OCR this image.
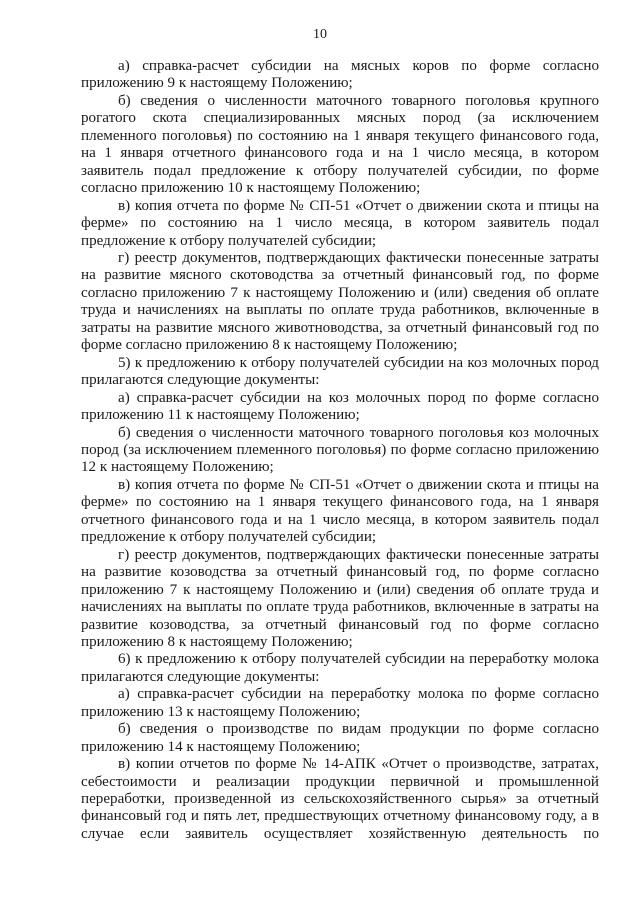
10

а) справка-расчет субсидии на мясных коров по форме согласно приложению 9 к настоящему Положению;

б) сведения о численности маточного товарного поголовья крупного рогатого скота специализированных мясных пород (за исключением племенного поголовья) по состоянию на 1 января текущего финансового года, на 1 января отчетного финансового года и на 1 число месяца, в котором заявитель подал предложение к отбору получателей субсидии, по форме согласно приложению 10 к настоящему Положению;

в) копия отчета по форме № СП-51 «Отчет о движении скота и птицы на ферме» по состоянию на 1 число месяца, в котором заявитель подал предложение к отбору получателей субсидии;

г) реестр документов, подтверждающих фактически понесенные затраты на развитие мясного скотоводства за отчетный финансовый год, по форме согласно приложению 7 к настоящему Положению и (или) сведения об оплате труда и начислениях на выплаты по оплате труда работников, включенные в затраты на развитие мясного животноводства, за отчетный финансовый год по форме согласно приложению 8 к настоящему Положению;

5) к предложению к отбору получателей субсидии на коз молочных пород прилагаются следующие документы:

а) справка-расчет субсидии на коз молочных пород по форме согласно приложению 11 к настоящему Положению;

б) сведения о численности маточного товарного поголовья коз молочных пород (за исключением племенного поголовья) по форме согласно приложению 12 к настоящему Положению;

в) копия отчета по форме № СП-51 «Отчет о движении скота и птицы на ферме» по состоянию на 1 января текущего финансового года, на 1 января отчетного финансового года и на 1 число месяца, в котором заявитель подал предложение к отбору получателей субсидии;

г) реестр документов, подтверждающих фактически понесенные затраты на развитие козоводства за отчетный финансовый год, по форме согласно приложению 7 к настоящему Положению и (или) сведения об оплате труда и начислениях на выплаты по оплате труда работников, включенные в затраты на развитие козоводства, за отчетный финансовый год по форме согласно приложению 8 к настоящему Положению;

6) к предложению к отбору получателей субсидии на переработку молока прилагаются следующие документы:

а) справка-расчет субсидии на переработку молока по форме согласно приложению 13 к настоящему Положению;

б) сведения о производстве по видам продукции по форме согласно приложению 14 к настоящему Положению;

в) копии отчетов по форме № 14-АПК «Отчет о производстве, затратах, себестоимости и реализации продукции первичной и промышленной переработки, произведенной из сельскохозяйственного сырья» за отчетный финансовый год и пять лет, предшествующих отчетному финансовому году, а в случае если заявитель осуществляет хозяйственную деятельность по
